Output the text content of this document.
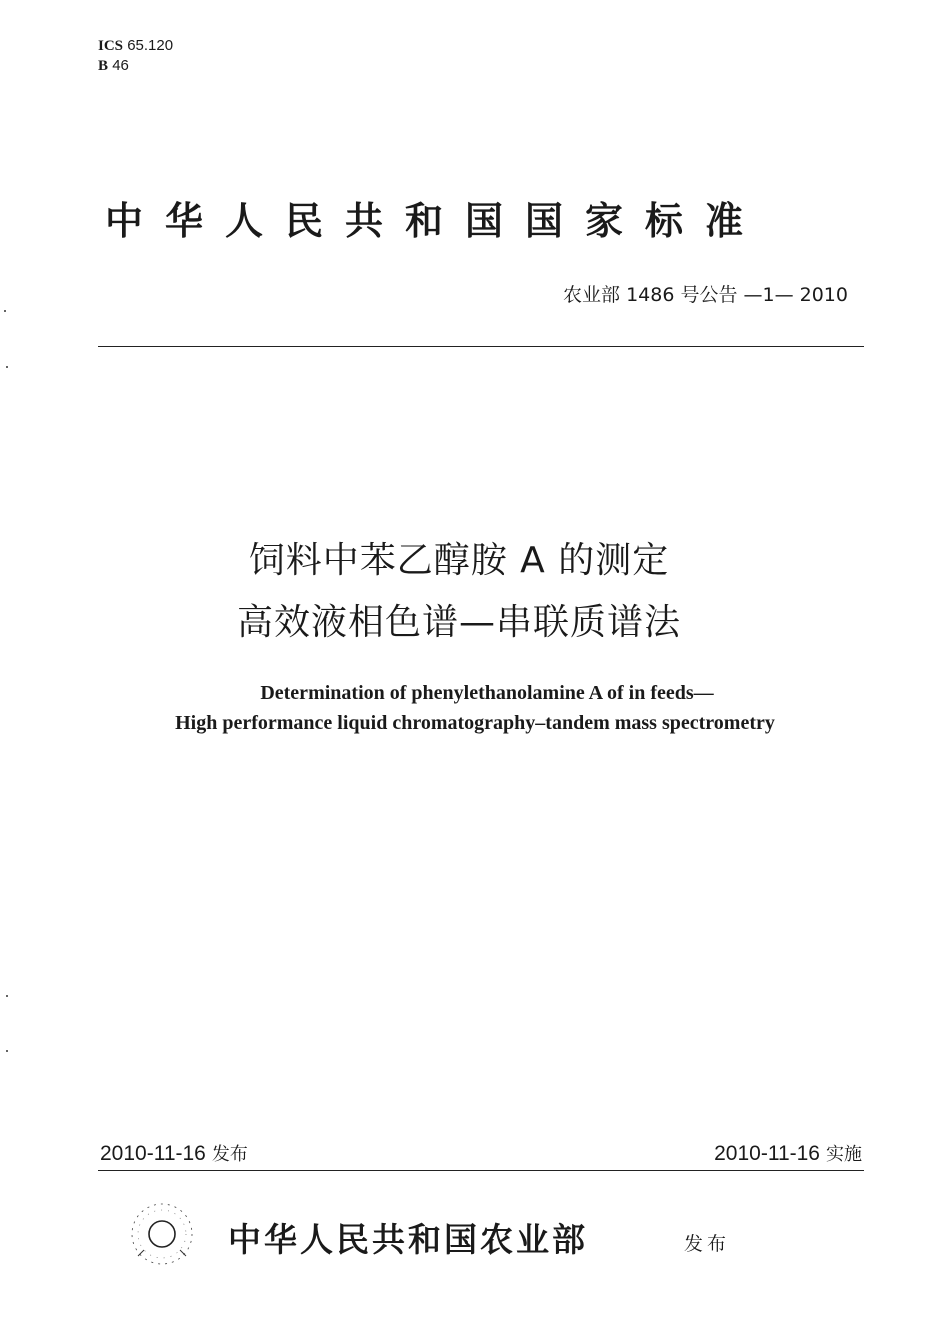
ICS 65.120
B 46
中华人民共和国国家标准
农业部 1486 号公告 —1— 2010
饲料中苯乙醇胺 A 的测定
高效液相色谱—串联质谱法
Determination of phenylethanolamine A of in feeds—
High performance liquid chromatography–tandem mass spectrometry
2010-11-16 发布	2010-11-16 实施
中华人民共和国农业部	发布
